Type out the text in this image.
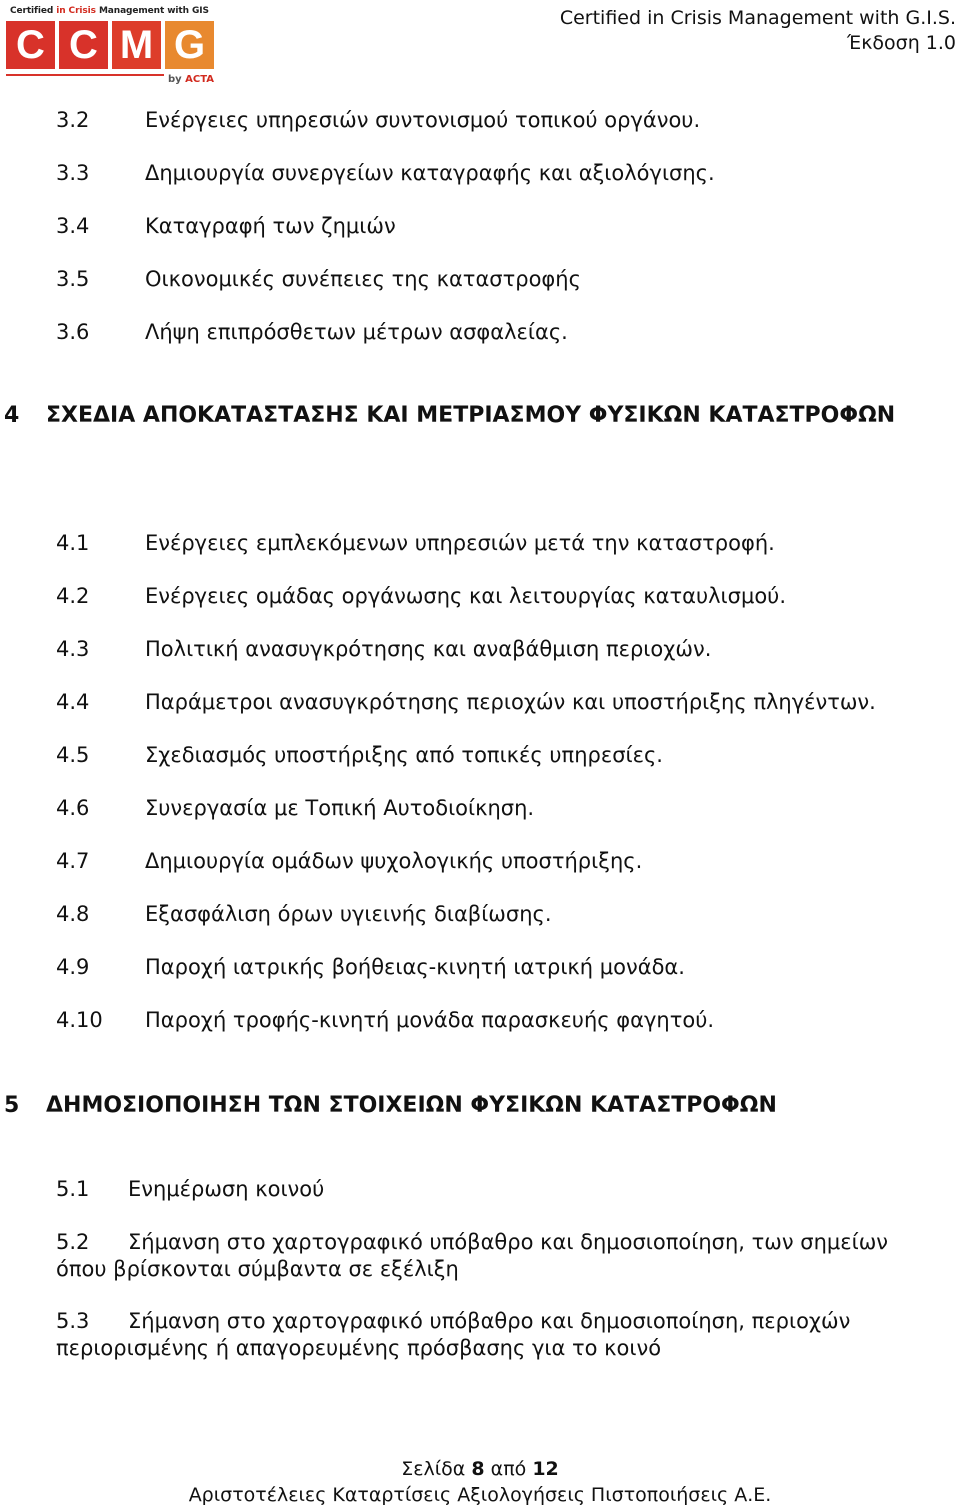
Certified in Crisis Management with GIS
C C M G
by ACTA
Certified in Crisis Management with G.I.S.
Έκδοση 1.0
3.2	Ενέργειες υπηρεσιών συντονισμού τοπικού οργάνου.
3.3	Δημιουργία συνεργείων καταγραφής και αξιολόγισης.
3.4	Καταγραφή των ζημιών
3.5	Οικονομικές συνέπειες της καταστροφής
3.6	Λήψη επιπρόσθετων μέτρων ασφαλείας.
4 ΣΧΕΔΙΑ ΑΠΟΚΑΤΑΣΤΑΣΗΣ ΚΑΙ ΜΕΤΡΙΑΣΜΟΥ ΦΥΣΙΚΩΝ ΚΑΤΑΣΤΡΟΦΩΝ
4.1	Ενέργειες εμπλεκόμενων υπηρεσιών μετά την καταστροφή.
4.2	Ενέργειες ομάδας οργάνωσης και λειτουργίας καταυλισμού.
4.3	Πολιτική ανασυγκρότησης και αναβάθμιση περιοχών.
4.4	Παράμετροι ανασυγκρότησης περιοχών και υποστήριξης πληγέντων.
4.5	Σχεδιασμός υποστήριξης από τοπικές υπηρεσίες.
4.6	Συνεργασία με Τοπική Αυτοδιοίκηση.
4.7	Δημιουργία ομάδων ψυχολογικής υποστήριξης.
4.8	Εξασφάλιση όρων υγιεινής διαβίωσης.
4.9	Παροχή ιατρικής βοήθειας-κινητή ιατρική μονάδα.
4.10 Παροχή τροφής-κινητή μονάδα παρασκευής φαγητού.
5 ΔΗΜΟΣΙΟΠΟΙΗΣΗ ΤΩΝ ΣΤΟΙΧΕΙΩΝ ΦΥΣΙΚΩΝ ΚΑΤΑΣΤΡΟΦΩΝ
5.1 Ενημέρωση κοινού
5.2 Σήμανση στο χαρτογραφικό υπόβαθρο και δημοσιοποίηση, των σημείων όπου βρίσκονται σύμβαντα σε εξέλιξη
5.3 Σήμανση στο χαρτογραφικό υπόβαθρο και δημοσιοποίηση, περιοχών περιορισμένης ή απαγορευμένης πρόσβασης για το κοινό
Σελίδα 8 από 12
Αριστοτέλειες Καταρτίσεις Αξιολογήσεις Πιστοποιήσεις Α.Ε.
